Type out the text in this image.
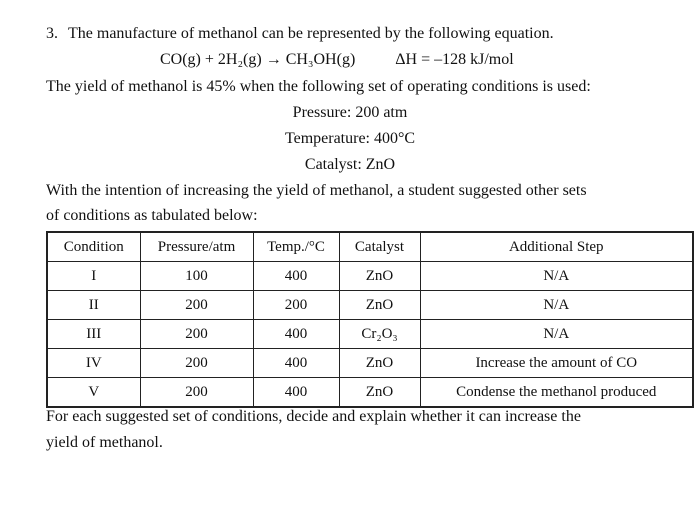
3. The manufacture of methanol can be represented by the following equation.
CO(g) + 2H₂(g) → CH₃OH(g)	ΔH = –128 kJ/mol
The yield of methanol is 45% when the following set of operating conditions is used:
Pressure: 200 atm
Temperature: 400°C
Catalyst: ZnO
With the intention of increasing the yield of methanol, a student suggested other sets
of conditions as tabulated below:
Condition	Pressure/atm	Temp./°C	Catalyst	Additional Step
I	100	400	ZnO	N/A
II	200	200	ZnO	N/A
III	200	400	Cr₂O₃	N/A
IV	200	400	ZnO	Increase the amount of CO
V	200	400	ZnO	Condense the methanol produced
For each suggested set of conditions, decide and explain whether it can increase the
yield of methanol.
